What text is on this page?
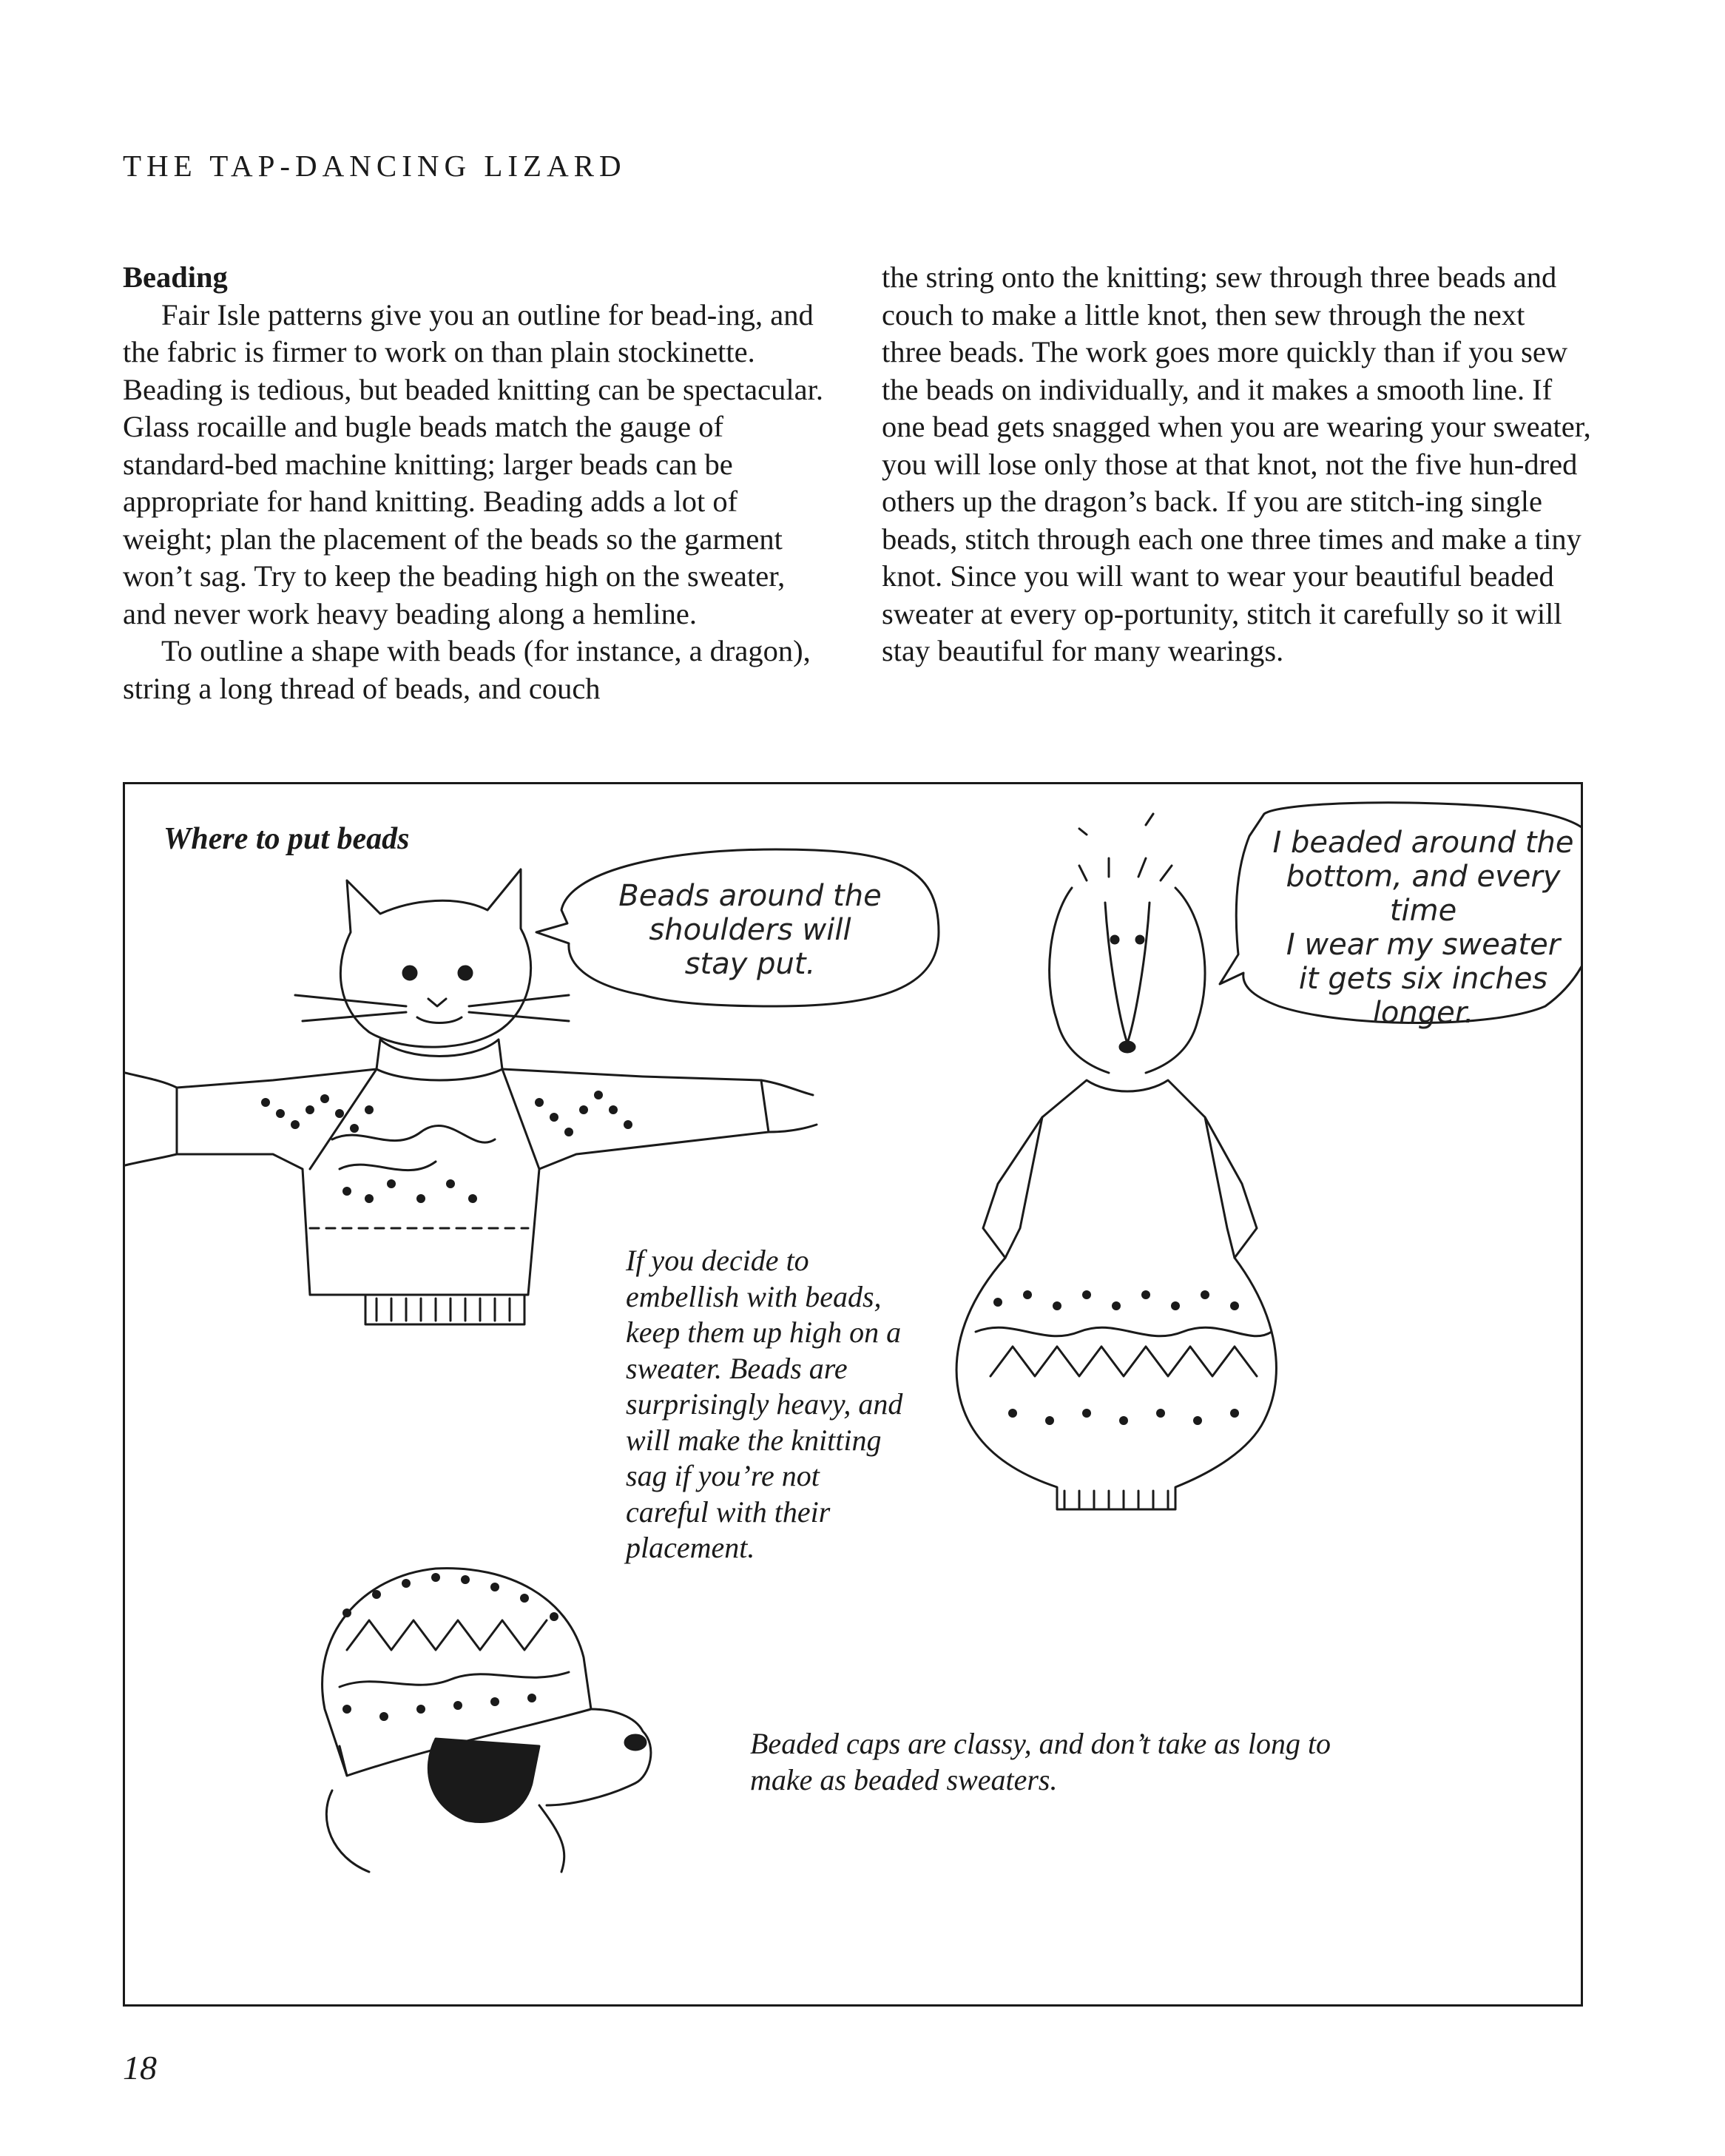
THE TAP-DANCING LIZARD
Beading

Fair Isle patterns give you an outline for bead-ing, and the fabric is firmer to work on than plain stockinette. Beading is tedious, but beaded knitting can be spectacular. Glass rocaille and bugle beads match the gauge of standard-bed machine knitting; larger beads can be appropriate for hand knitting. Beading adds a lot of weight; plan the placement of the beads so the garment won’t sag. Try to keep the beading high on the sweater, and never work heavy beading along a hemline.

To outline a shape with beads (for instance, a dragon), string a long thread of beads, and couch

the string onto the knitting; sew through three beads and couch to make a little knot, then sew through the next three beads. The work goes more quickly than if you sew the beads on individually, and it makes a smooth line. If one bead gets snagged when you are wearing your sweater, you will lose only those at that knot, not the five hun-dred others up the dragon’s back. If you are stitch-ing single beads, stitch through each one three times and make a tiny knot. Since you will want to wear your beautiful beaded sweater at every op-portunity, stitch it carefully so it will stay beautiful for many wearings.

Where to put beads
Beads around the
shoulders will
stay put.
I beaded around the
bottom, and every time
I wear my sweater
it gets six inches
longer.
If you decide to embellish with beads, keep them up high on a sweater. Beads are surprisingly heavy, and will make the knitting sag if you’re not careful with their placement.
Beaded caps are classy, and don’t take as long to make as beaded sweaters.
18
